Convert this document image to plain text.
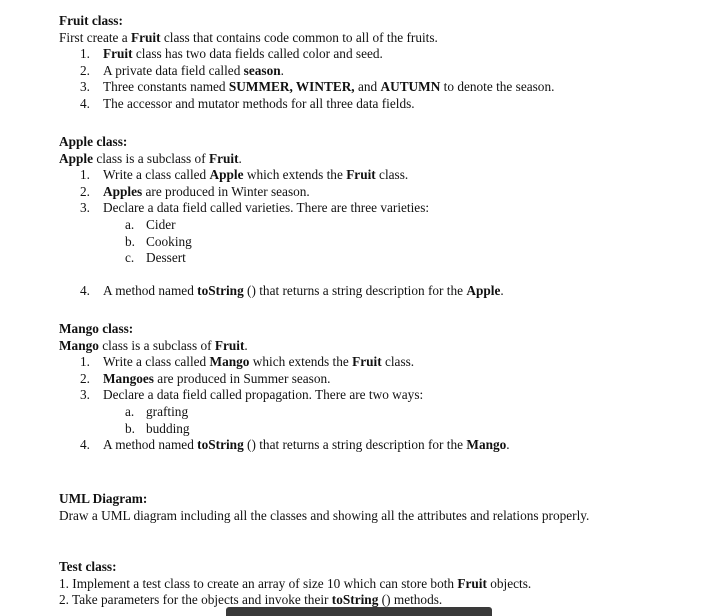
Fruit class:
First create a Fruit class that contains code common to all of the fruits.
1. Fruit class has two data fields called color and seed.
2. A private data field called season.
3. Three constants named SUMMER, WINTER, and AUTUMN to denote the season.
4. The accessor and mutator methods for all three data fields.
Apple class:
Apple class is a subclass of Fruit.
1. Write a class called Apple which extends the Fruit class.
2. Apples are produced in Winter season.
3. Declare a data field called varieties. There are three varieties:
a. Cider
b. Cooking
c. Dessert
4. A method named toString () that returns a string description for the Apple.
Mango class:
Mango class is a subclass of Fruit.
1. Write a class called Mango which extends the Fruit class.
2. Mangoes are produced in Summer season.
3. Declare a data field called propagation. There are two ways:
a. grafting
b. budding
4. A method named toString () that returns a string description for the Mango.
UML Diagram:
Draw a UML diagram including all the classes and showing all the attributes and relations properly.
Test class:
1. Implement a test class to create an array of size 10 which can store both Fruit objects.
2. Take parameters for the objects and invoke their toString () methods.
